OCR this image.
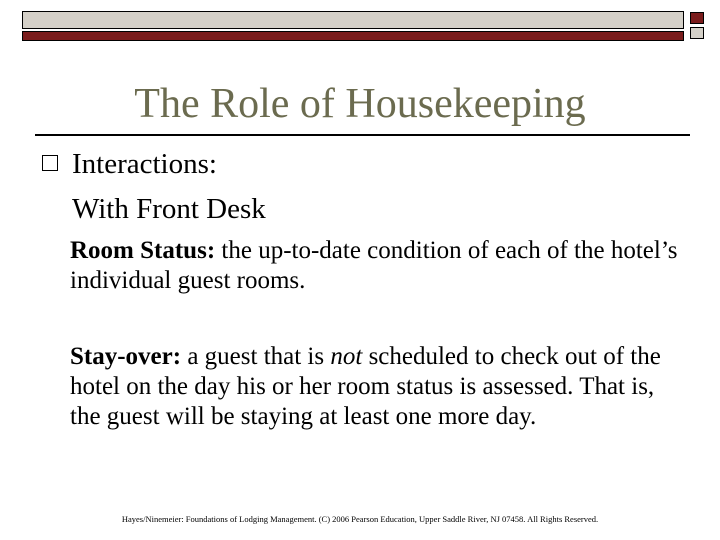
The Role of Housekeeping
Interactions:
With Front Desk
Room Status: the up-to-date condition of each of the hotel’s individual guest rooms.
Stay-over: a guest that is not scheduled to check out of the hotel on the day his or her room status is assessed. That is, the guest will be staying at least one more day.
Hayes/Ninemeier: Foundations of Lodging Management. (C) 2006 Pearson Education, Upper Saddle River, NJ 07458. All Rights Reserved.
